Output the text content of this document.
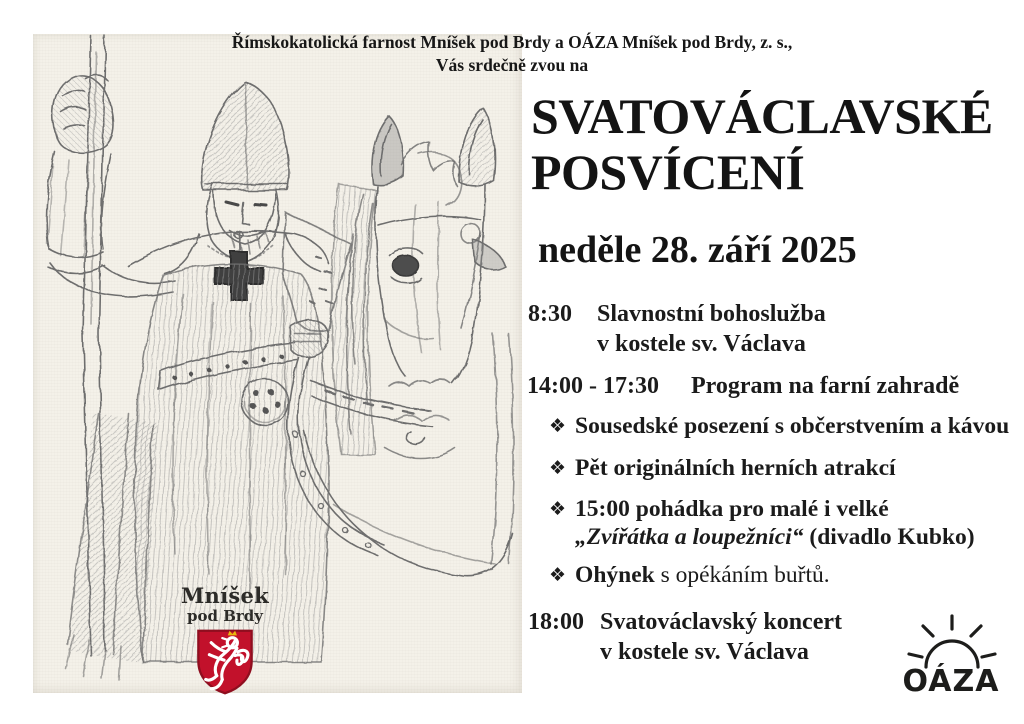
Mníšek
pod Brdy
Římskokatolická farnost Mníšek pod Brdy a OÁZA Mníšek pod Brdy, z. s.,
Vás srdečně zvou na
SVATOVÁCLAVSKÉ
POSVÍCENÍ
neděle 28. září 2025
8:30	Slavnostní bohoslužba
v kostele sv. Václava
14:00 - 17:30	Program na farní zahradě
❖ Sousedské posezení s občerstvením a kávou
❖ Pět originálních herních atrakcí
❖ 15:00 pohádka pro malé i velké
„Zvířátka a loupežníci“ (divadlo Kubko)
❖ Ohýnek s opékáním buřtů.
18:00 Svatováclavský koncert
v kostele sv. Václava
OÁZA
